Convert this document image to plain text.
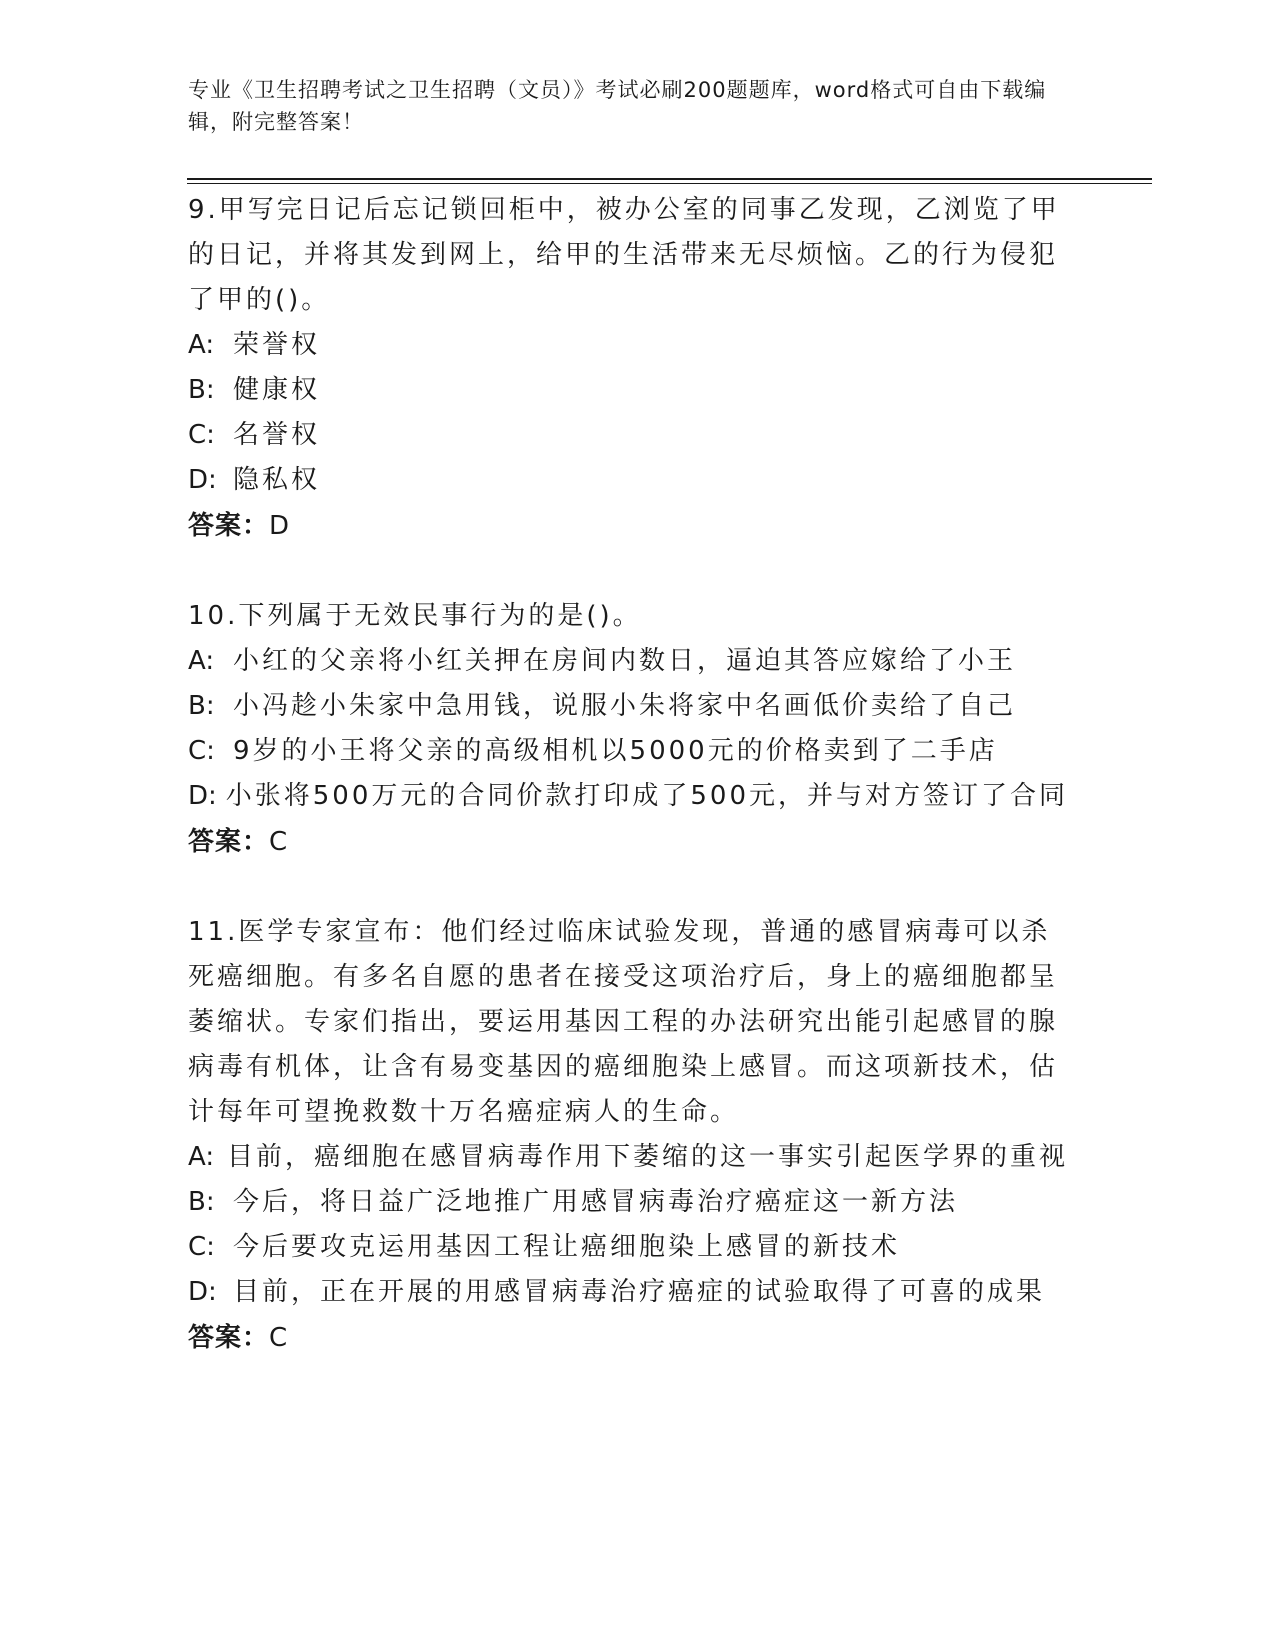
专业《卫生招聘考试之卫生招聘（文员）》考试必刷200题题库，word格式可自由下载编辑，附完整答案！

9.甲写完日记后忘记锁回柜中，被办公室的同事乙发现，乙浏览了甲的日记，并将其发到网上，给甲的生活带来无尽烦恼。乙的行为侵犯了甲的()。

A: 荣誉权
B: 健康权
C: 名誉权
D: 隐私权
答案： D

10.下列属于无效民事行为的是()。

A: 小红的父亲将小红关押在房间内数日，逼迫其答应嫁给了小王
B: 小冯趁小朱家中急用钱，说服小朱将家中名画低价卖给了自己
C: 9岁的小王将父亲的高级相机以5000元的价格卖到了二手店
D: 小张将500万元的合同价款打印成了500元，并与对方签订了合同
答案： C

11.医学专家宣布：他们经过临床试验发现，普通的感冒病毒可以杀死癌细胞。有多名自愿的患者在接受这项治疗后，身上的癌细胞都呈萎缩状。专家们指出，要运用基因工程的办法研究出能引起感冒的腺病毒有机体，让含有易变基因的癌细胞染上感冒。而这项新技术，估计每年可望挽救数十万名癌症病人的生命。

A: 目前，癌细胞在感冒病毒作用下萎缩的这一事实引起医学界的重视
B: 今后，将日益广泛地推广用感冒病毒治疗癌症这一新方法
C: 今后要攻克运用基因工程让癌细胞染上感冒的新技术
D: 目前，正在开展的用感冒病毒治疗癌症的试验取得了可喜的成果
答案： C
